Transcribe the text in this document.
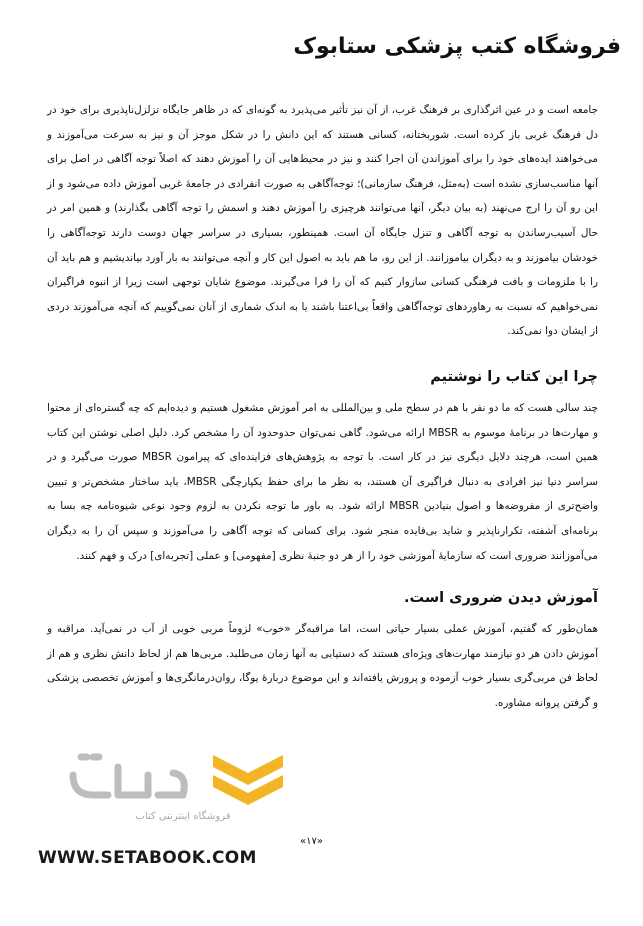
فروشگاه کتب پزشکی ستابوک

جامعه است و در عین اثرگذاری بر فرهنگ غرب، از آن نیز تأثیر می‌پذیرد به گونه‌ای که در ظاهر جایگاه تزلزل‌ناپذیری برای خود در دل فرهنگ غربی باز کرده است. شوربختانه، کسانی هستند که این دانش را در شکل موجز آن و نیز به سرعت می‌آموزند و می‌خواهند ایده‌های خود را برای آموزاندن آن اجرا کنند و نیز در محیط‌هایی آن را آموزش دهند که اصلاً توجه آگاهی در اصل برای آنها مناسب‌سازی نشده است (به‌مثل، فرهنگ سازمانی)؛ توجه‌آگاهی به صورت انفرادی در جامعهٔ غربی آموزش داده می‌شود و از این رو آن را ارج می‌نهند (به بیان دیگر، آنها می‌توانند هرچیزی را آموزش دهند و اسمش را توجه آگاهی بگذارند) و همین امر در حال آسیب‌رساندن به توجه آگاهی و تنزل جایگاه آن است. همینطور، بسیاری در سراسر جهان دوست دارند توجه‌آگاهی را خودشان بیاموزند و به دیگران بیاموزانند. از این رو، ما هم باید به اصول این کار و آنچه می‌توانند به بار آورد بیاندیشیم و هم باید آن را با ملزومات و بافت فرهنگی کسانی سازوار کنیم که آن را فرا می‌گیرند. موضوع شایان توجهی است زیرا از انبوه فراگیران نمی‌خواهیم که نسبت به رهاوردهای توجه‌آگاهی واقعاً بی‌اعتنا باشند یا به اندک شماری از آنان نمی‌گوییم که آنچه می‌آموزند دردی از ایشان دوا نمی‌کند.

چرا این کتاب را نوشتیم

چند سالی هست که ما دو نفر با هم در سطح ملی و بین‌المللی به امر آموزش مشغول هستیم و دیده‌ایم که چه گستره‌ای از محتوا و مهارت‌ها در برنامهٔ موسوم به MBSR ارائه می‌شود. گاهی نمی‌توان حدوحدود آن را مشخص کرد. دلیل اصلی نوشتن این کتاب همین است، هرچند دلایل دیگری نیز در کار است. با توجه به پژوهش‌های فزاینده‌ای که پیرامون MBSR صورت می‌گیرد و در سراسر دنیا نیز افرادی به دنبال فراگیری آن هستند، به نظر ما برای حفظ یکپارچگی MBSR، باید ساختار مشخص‌تر و تبیین واضح‌تری از مفروضه‌ها و اصول بنیادین MBSR ارائه شود. به باور ما توجه نکردن به لزوم وجود نوعی شیوه‌نامه چه بسا به برنامه‌ای آشفته، تکرارناپذیر و شاید بی‌فایده منجر شود. برای کسانی که توجه آگاهی را می‌آموزند و سپس آن را به دیگران می‌آموزانند ضروری است که سازمایهٔ آموزشی خود را از هر دو جنبهٔ نظری [مفهومی] و عملی [تجربه‌ای] درک و فهم کنند.

آموزش دیدن ضروری است.

همان‌طور که گفتیم، آموزش عملی بسیار حیاتی است، اما مراقبه‌گر «خوب» لزوماً مربی خوبی از آب در نمی‌آید. مراقبه و آموزش دادن هر دو نیازمند مهارت‌های ویژه‌ای هستند که دستیابی به آنها زمان می‌طلبد. مربی‌ها هم از لحاظ دانش نظری و هم از لحاظ فن مربی‌گری بسیار خوب آزموده و پرورش یافته‌اند و این موضوع دربارهٔ یوگا، روان‌درمانگری‌ها و آموزش تخصصی پزشکی و گرفتن پروانه مشاوره.

«۱۷»
فروشگاه اینترنتی کتاب
WWW.SETABOOK.COM
